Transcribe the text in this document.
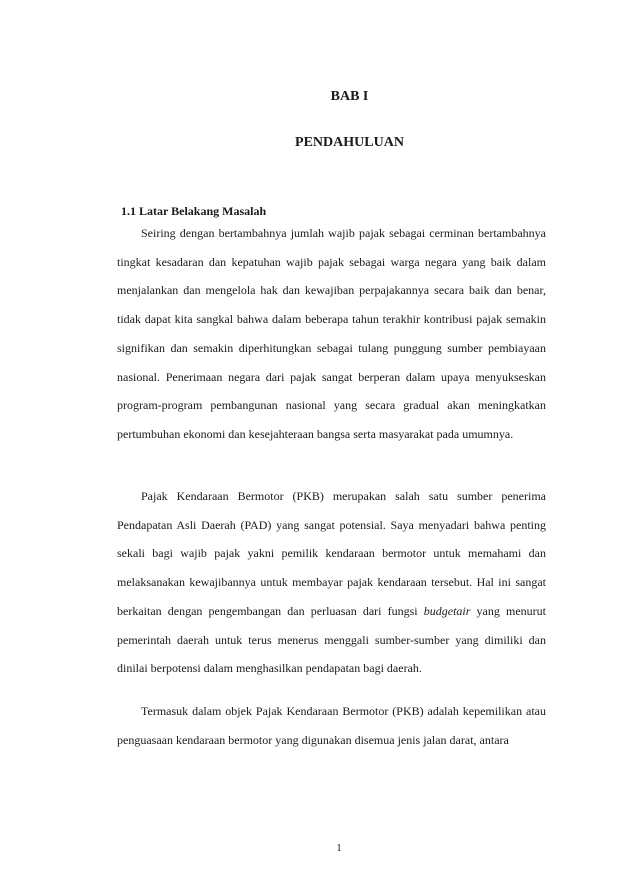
BAB I
PENDAHULUAN
1.1 Latar Belakang Masalah

Seiring dengan bertambahnya jumlah wajib pajak sebagai cerminan bertambahnya tingkat kesadaran dan kepatuhan wajib pajak sebagai warga negara yang baik dalam menjalankan dan mengelola hak dan kewajiban perpajakannya secara baik dan benar, tidak dapat kita sangkal bahwa dalam beberapa tahun terakhir kontribusi pajak semakin signifikan dan semakin diperhitungkan sebagai tulang punggung sumber pembiayaan nasional. Penerimaan negara dari pajak sangat berperan dalam upaya menyukseskan program-program pembangunan nasional yang secara gradual akan meningkatkan pertumbuhan ekonomi dan kesejahteraan bangsa serta masyarakat pada umumnya.

Pajak Kendaraan Bermotor (PKB) merupakan salah satu sumber penerima Pendapatan Asli Daerah (PAD) yang sangat potensial. Saya menyadari bahwa penting sekali bagi wajib pajak yakni pemilik kendaraan bermotor untuk memahami dan melaksanakan kewajibannya untuk membayar pajak kendaraan tersebut. Hal ini sangat berkaitan dengan pengembangan dan perluasan dari fungsi budgetair yang menurut pemerintah daerah untuk terus menerus menggali sumber-sumber yang dimiliki dan dinilai berpotensi dalam menghasilkan pendapatan bagi daerah.

Termasuk dalam objek Pajak Kendaraan Bermotor (PKB) adalah kepemilikan atau penguasaan kendaraan bermotor yang digunakan disemua jenis jalan darat, antara

1
